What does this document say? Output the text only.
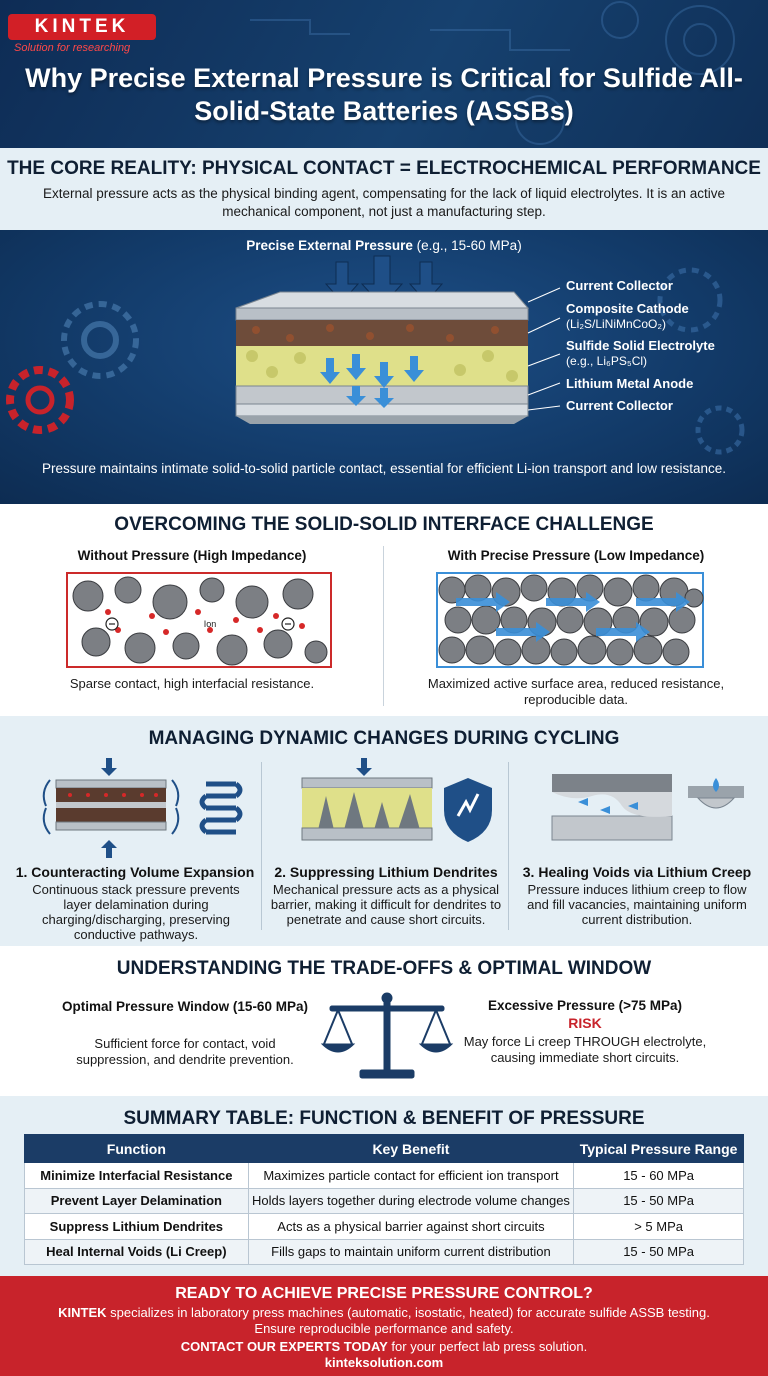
KINTEK
Solution for researching
Why Precise External Pressure is Critical for Sulfide All-Solid-State Batteries (ASSBs)
THE CORE REALITY: PHYSICAL CONTACT = ELECTROCHEMICAL PERFORMANCE
External pressure acts as the physical binding agent, compensating for the lack of liquid electrolytes. It is an active mechanical component, not just a manufacturing step.
Precise External Pressure (e.g., 15-60 MPa)
Current Collector
Composite Cathode
(Li₂S/LiNiMnCoO₂)
Sulfide Solid Electrolyte
(e.g., Li₆PS₅Cl)
Lithium Metal Anode
Current Collector
Pressure maintains intimate solid-to-solid particle contact, essential for efficient Li-ion transport and low resistance.
OVERCOMING THE SOLID-SOLID INTERFACE CHALLENGE
Without Pressure (High Impedance)	With Precise Pressure (Low Impedance)
Ion
Sparse contact, high interfacial resistance.	Maximized active surface area, reduced resistance, reproducible data.
MANAGING DYNAMIC CHANGES DURING CYCLING
1. Counteracting Volume Expansion
Continuous stack pressure prevents layer delamination during charging/discharging, preserving conductive pathways.
2. Suppressing Lithium Dendrites
Mechanical pressure acts as a physical barrier, making it difficult for dendrites to penetrate and cause short circuits.
3. Healing Voids via Lithium Creep
Pressure induces lithium creep to flow and fill vacancies, maintaining uniform current distribution.
UNDERSTANDING THE TRADE-OFFS & OPTIMAL WINDOW
Optimal Pressure Window (15-60 MPa)
Sufficient force for contact, void suppression, and dendrite prevention.
Excessive Pressure (>75 MPa)
RISK
May force Li creep THROUGH electrolyte, causing immediate short circuits.
SUMMARY TABLE: FUNCTION & BENEFIT OF PRESSURE
Function	Key Benefit	Typical Pressure Range
Minimize Interfacial Resistance	Maximizes particle contact for efficient ion transport	15 - 60 MPa
Prevent Layer Delamination	Holds layers together during electrode volume changes	15 - 50 MPa
Suppress Lithium Dendrites	Acts as a physical barrier against short circuits	> 5 MPa
Heal Internal Voids (Li Creep)	Fills gaps to maintain uniform current distribution	15 - 50 MPa
READY TO ACHIEVE PRECISE PRESSURE CONTROL?
KINTEK specializes in laboratory press machines (automatic, isostatic, heated) for accurate sulfide ASSB testing. Ensure reproducible performance and safety.
CONTACT OUR EXPERTS TODAY for your perfect lab press solution.
kinteksolution.com
